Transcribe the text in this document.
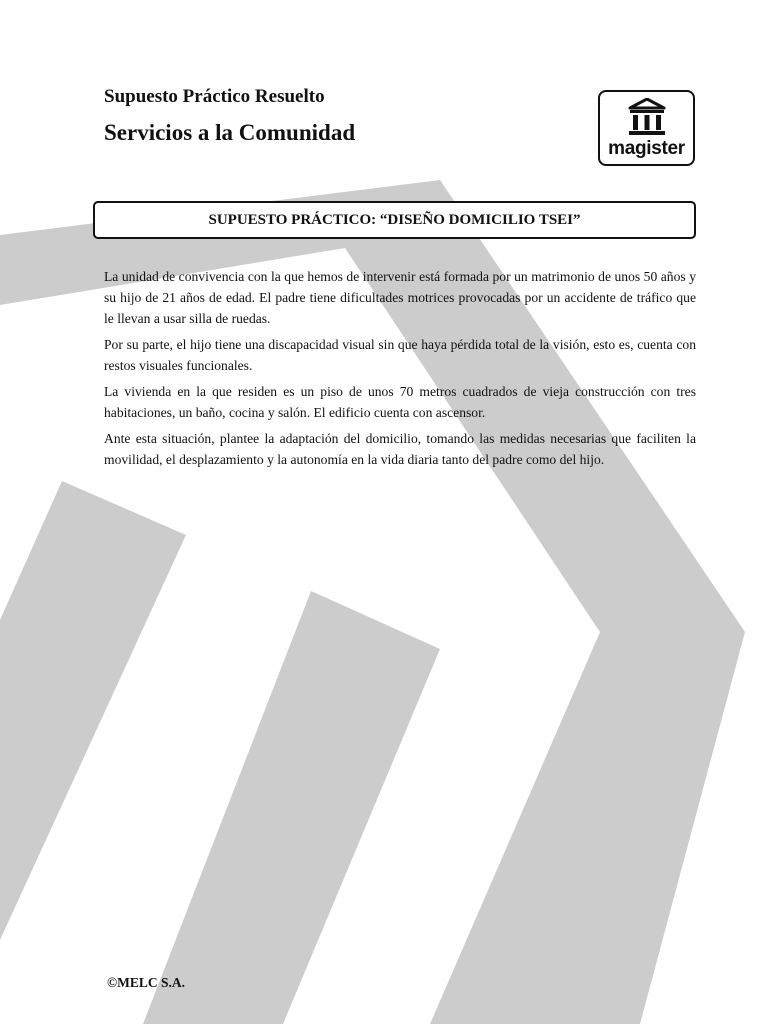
Supuesto Práctico Resuelto
Servicios a la Comunidad
magister
SUPUESTO PRÁCTICO: “DISEÑO DOMICILIO TSEI”

La unidad de convivencia con la que hemos de intervenir está formada por un matrimonio de unos 50 años y su hijo de 21 años de edad. El padre tiene dificultades motrices provocadas por un accidente de tráfico que le llevan a usar silla de ruedas.

Por su parte, el hijo tiene una discapacidad visual sin que haya pérdida total de la visión, esto es, cuenta con restos visuales funcionales.

La vivienda en la que residen es un piso de unos 70 metros cuadrados de vieja construcción con tres habitaciones, un baño, cocina y salón. El edificio cuenta con ascensor.

Ante esta situación, plantee la adaptación del domicilio, tomando las medidas necesarias que faciliten la movilidad, el desplazamiento y la autonomía en la vida diaria tanto del padre como del hijo.

©MELC S.A.
